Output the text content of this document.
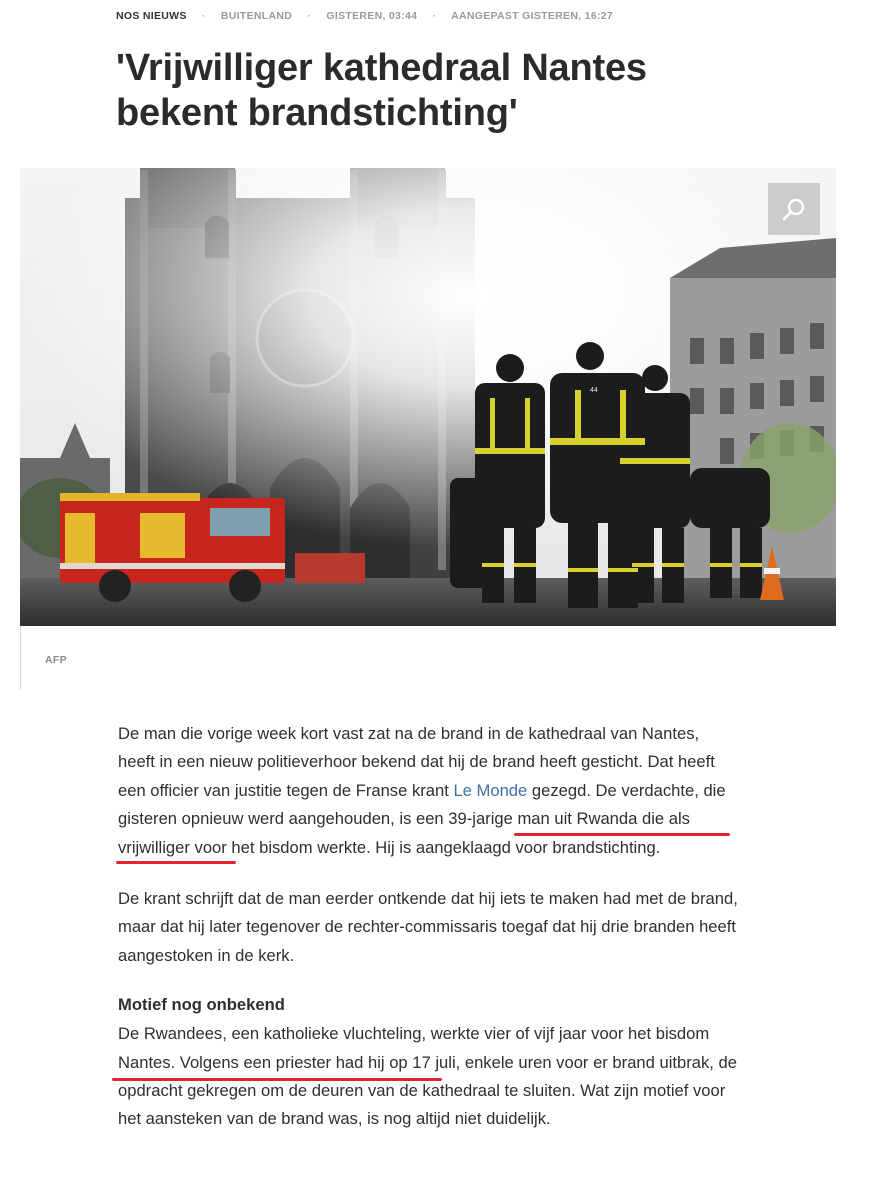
NOS NIEUWS · BUITENLAND · GISTEREN, 03:44 · AANGEPAST GISTEREN, 16:27
'Vrijwilliger kathedraal Nantes bekent brandstichting'
44
AFP

De man die vorige week kort vast zat na de brand in de kathedraal van Nantes, heeft in een nieuw politieverhoor bekend dat hij de brand heeft gesticht. Dat heeft een officier van justitie tegen de Franse krant Le Monde gezegd. De verdachte, die gisteren opnieuw werd aangehouden, is een 39-jarige man uit Rwanda die als vrijwilliger voor het bisdom werkte. Hij is aangeklaagd voor brandstichting.

De krant schrijft dat de man eerder ontkende dat hij iets te maken had met de brand, maar dat hij later tegenover de rechter-commissaris toegaf dat hij drie branden heeft aangestoken in de kerk.

Motief nog onbekend

De Rwandees, een katholieke vluchteling, werkte vier of vijf jaar voor het bisdom Nantes. Volgens een priester had hij op 17 juli, enkele uren voor er brand uitbrak, de opdracht gekregen om de deuren van de kathedraal te sluiten. Wat zijn motief voor het aansteken van de brand was, is nog altijd niet duidelijk.
